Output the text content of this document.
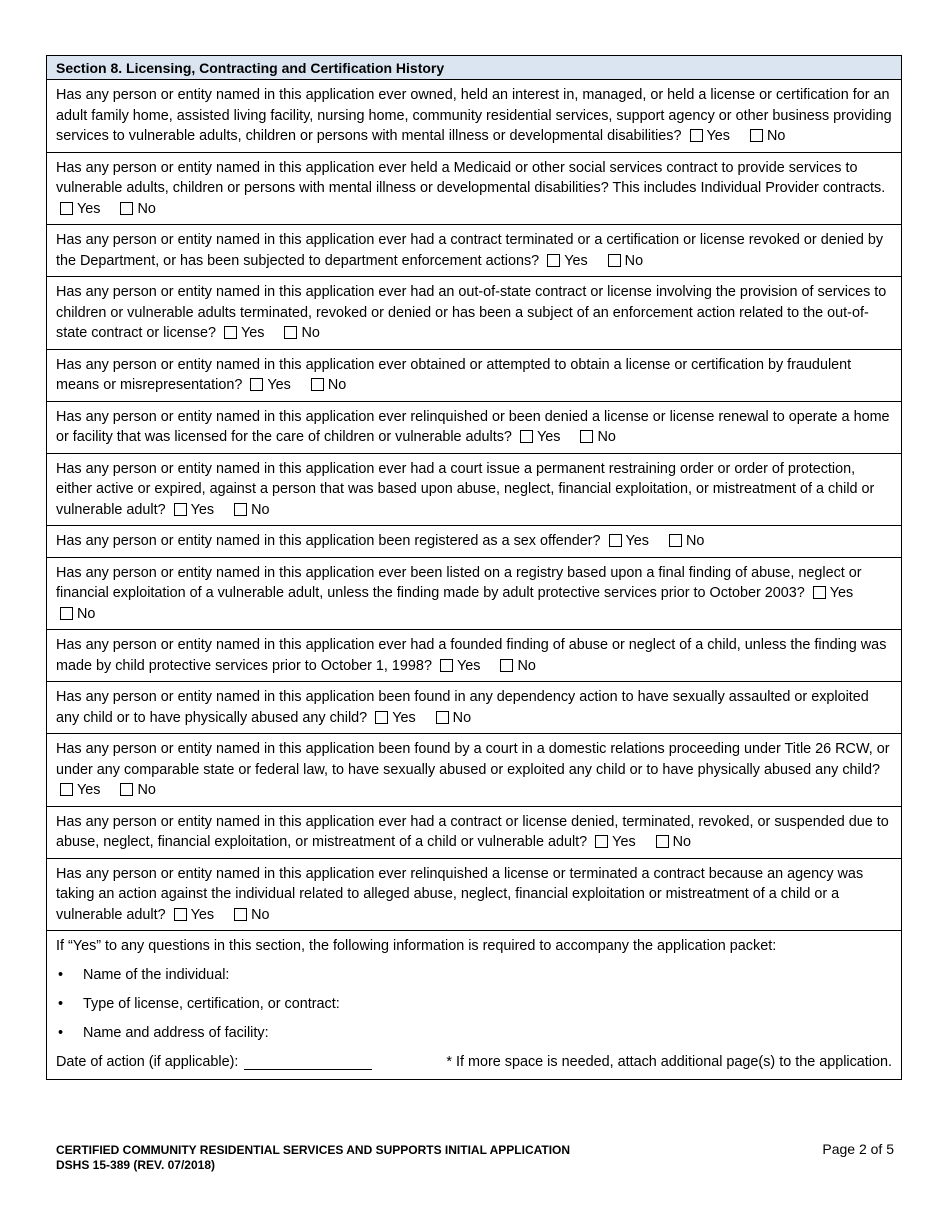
Section 8. Licensing, Contracting and Certification History
Has any person or entity named in this application ever owned, held an interest in, managed, or held a license or certification for an adult family home, assisted living facility, nursing home, community residential services, support agency or other business providing services to vulnerable adults, children or persons with mental illness or developmental disabilities? Yes	No
Has any person or entity named in this application ever held a Medicaid or other social services contract to provide services to vulnerable adults, children or persons with mental illness or developmental disabilities? This includes Individual Provider contracts. Yes	No
Has any person or entity named in this application ever had a contract terminated or a certification or license revoked or denied by the Department, or has been subjected to department enforcement actions? Yes	No
Has any person or entity named in this application ever had an out-of-state contract or license involving the provision of services to children or vulnerable adults terminated, revoked or denied or has been a subject of an enforcement action related to the out-of-state contract or license? Yes	No
Has any person or entity named in this application ever obtained or attempted to obtain a license or certification by fraudulent means or misrepresentation? Yes	No
Has any person or entity named in this application ever relinquished or been denied a license or license renewal to operate a home or facility that was licensed for the care of children or vulnerable adults? Yes	No
Has any person or entity named in this application ever had a court issue a permanent restraining order or order of protection, either active or expired, against a person that was based upon abuse, neglect, financial exploitation, or mistreatment of a child or vulnerable adult? Yes	No
Has any person or entity named in this application been registered as a sex offender? Yes	No
Has any person or entity named in this application ever been listed on a registry based upon a final finding of abuse, neglect or financial exploitation of a vulnerable adult, unless the finding made by adult protective services prior to October 2003? YesNo
Has any person or entity named in this application ever had a founded finding of abuse or neglect of a child, unless the finding was made by child protective services prior to October 1, 1998? Yes	No
Has any person or entity named in this application been found in any dependency action to have sexually assaulted or exploited any child or to have physically abused any child? Yes	No
Has any person or entity named in this application been found by a court in a domestic relations proceeding under Title 26 RCW, or under any comparable state or federal law, to have sexually abused or exploited any child or to have physically abused any child? Yes	No
Has any person or entity named in this application ever had a contract or license denied, terminated, revoked, or suspended due to abuse, neglect, financial exploitation, or mistreatment of a child or vulnerable adult? Yes	No
Has any person or entity named in this application ever relinquished a license or terminated a contract because an agency was taking an action against the individual related to alleged abuse, neglect, financial exploitation or mistreatment of a child or a vulnerable adult? Yes	No
If “Yes” to any questions in this section, the following information is required to accompany the application packet:
• Name of the individual:
• Type of license, certification, or contract:
• Name and address of facility:
Date of action (if applicable):	* If more space is needed, attach additional page(s) to the application.
CERTIFIED COMMUNITY RESIDENTIAL SERVICES AND SUPPORTS INITIAL APPLICATION
DSHS 15-389 (REV. 07/2018)
Page 2 of 5
